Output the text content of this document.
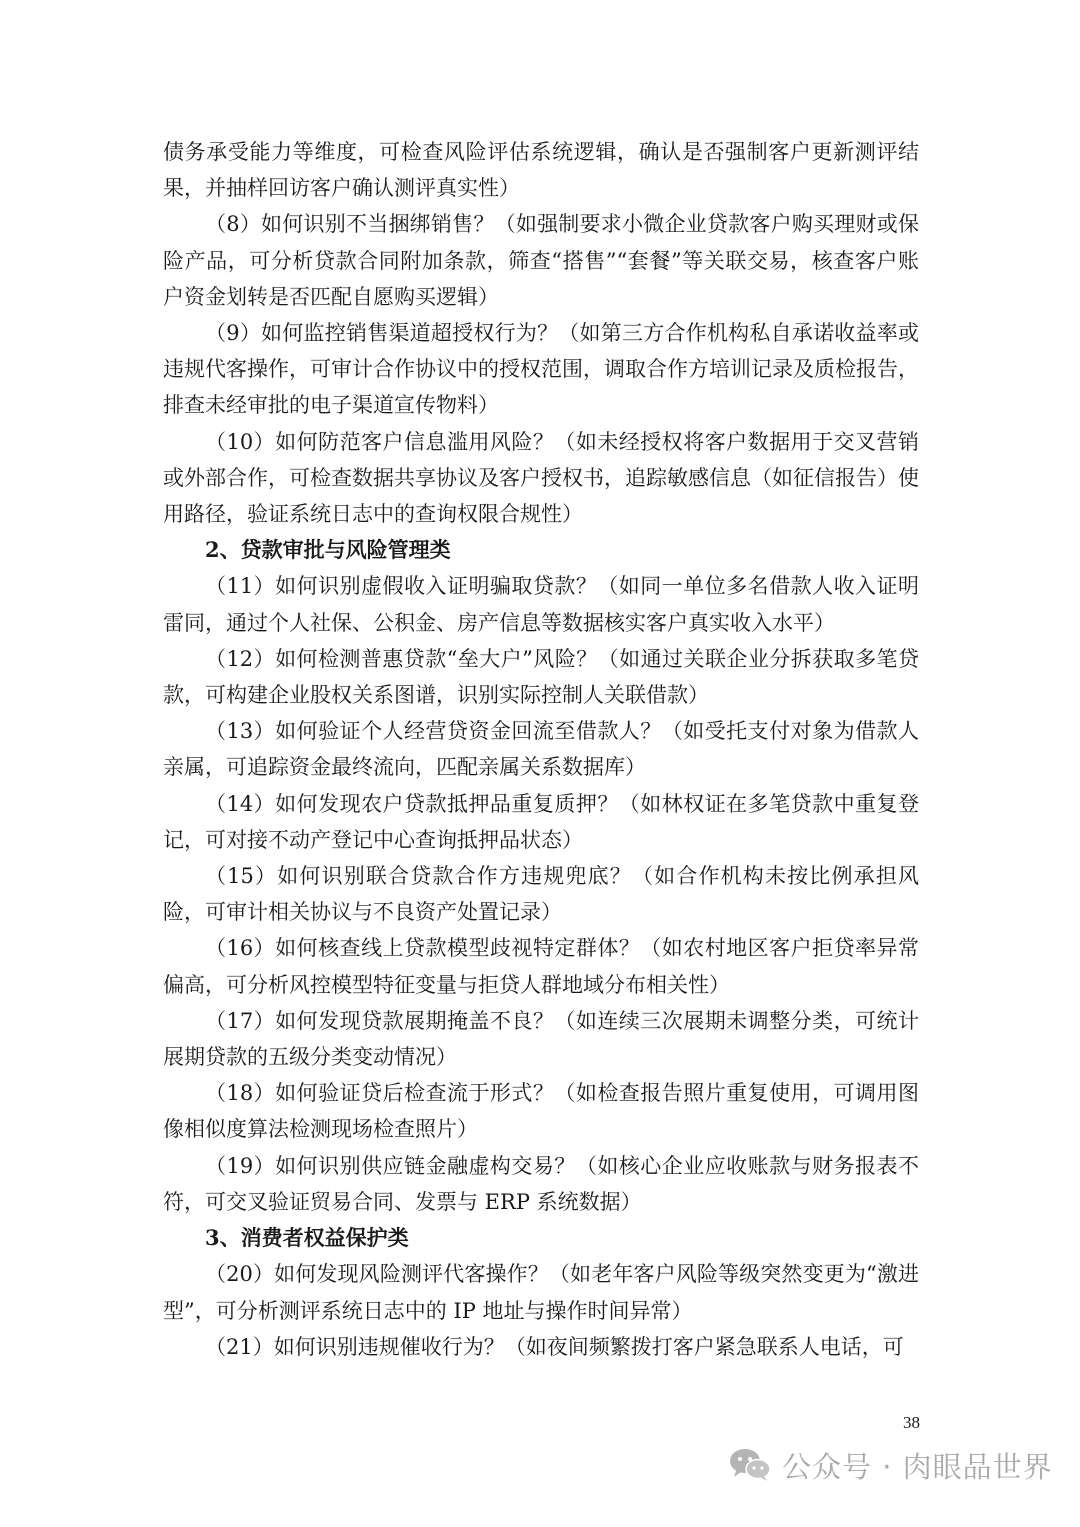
债务承受能力等维度，可检查风险评估系统逻辑，确认是否强制客户更新测评结果，并抽样回访客户确认测评真实性）

（8）如何识别不当捆绑销售？（如强制要求小微企业贷款客户购买理财或保险产品，可分析贷款合同附加条款，筛查“搭售”“套餐”等关联交易，核查客户账户资金划转是否匹配自愿购买逻辑）

（9）如何监控销售渠道超授权行为？（如第三方合作机构私自承诺收益率或违规代客操作，可审计合作协议中的授权范围，调取合作方培训记录及质检报告，排查未经审批的电子渠道宣传物料）

（10）如何防范客户信息滥用风险？（如未经授权将客户数据用于交叉营销或外部合作，可检查数据共享协议及客户授权书，追踪敏感信息（如征信报告）使用路径，验证系统日志中的查询权限合规性）

2、贷款审批与风险管理类

（11）如何识别虚假收入证明骗取贷款？（如同一单位多名借款人收入证明雷同，通过个人社保、公积金、房产信息等数据核实客户真实收入水平）

（12）如何检测普惠贷款“垒大户”风险？（如通过关联企业分拆获取多笔贷款，可构建企业股权关系图谱，识别实际控制人关联借款）

（13）如何验证个人经营贷资金回流至借款人？（如受托支付对象为借款人亲属，可追踪资金最终流向，匹配亲属关系数据库）

（14）如何发现农户贷款抵押品重复质押？（如林权证在多笔贷款中重复登记，可对接不动产登记中心查询抵押品状态）

（15）如何识别联合贷款合作方违规兜底？（如合作机构未按比例承担风险，可审计相关协议与不良资产处置记录）

（16）如何核查线上贷款模型歧视特定群体？（如农村地区客户拒贷率异常偏高，可分析风控模型特征变量与拒贷人群地域分布相关性）

（17）如何发现贷款展期掩盖不良？（如连续三次展期未调整分类，可统计展期贷款的五级分类变动情况）

（18）如何验证贷后检查流于形式？（如检查报告照片重复使用，可调用图像相似度算法检测现场检查照片）

（19）如何识别供应链金融虚构交易？（如核心企业应收账款与财务报表不符，可交叉验证贸易合同、发票与 ERP 系统数据）

3、消费者权益保护类

（20）如何发现风险测评代客操作？（如老年客户风险等级突然变更为“激进型”，可分析测评系统日志中的 IP 地址与操作时间异常）

（21）如何识别违规催收行为？（如夜间频繁拨打客户紧急联系人电话，可

38
公众号 · 肉眼品世界
